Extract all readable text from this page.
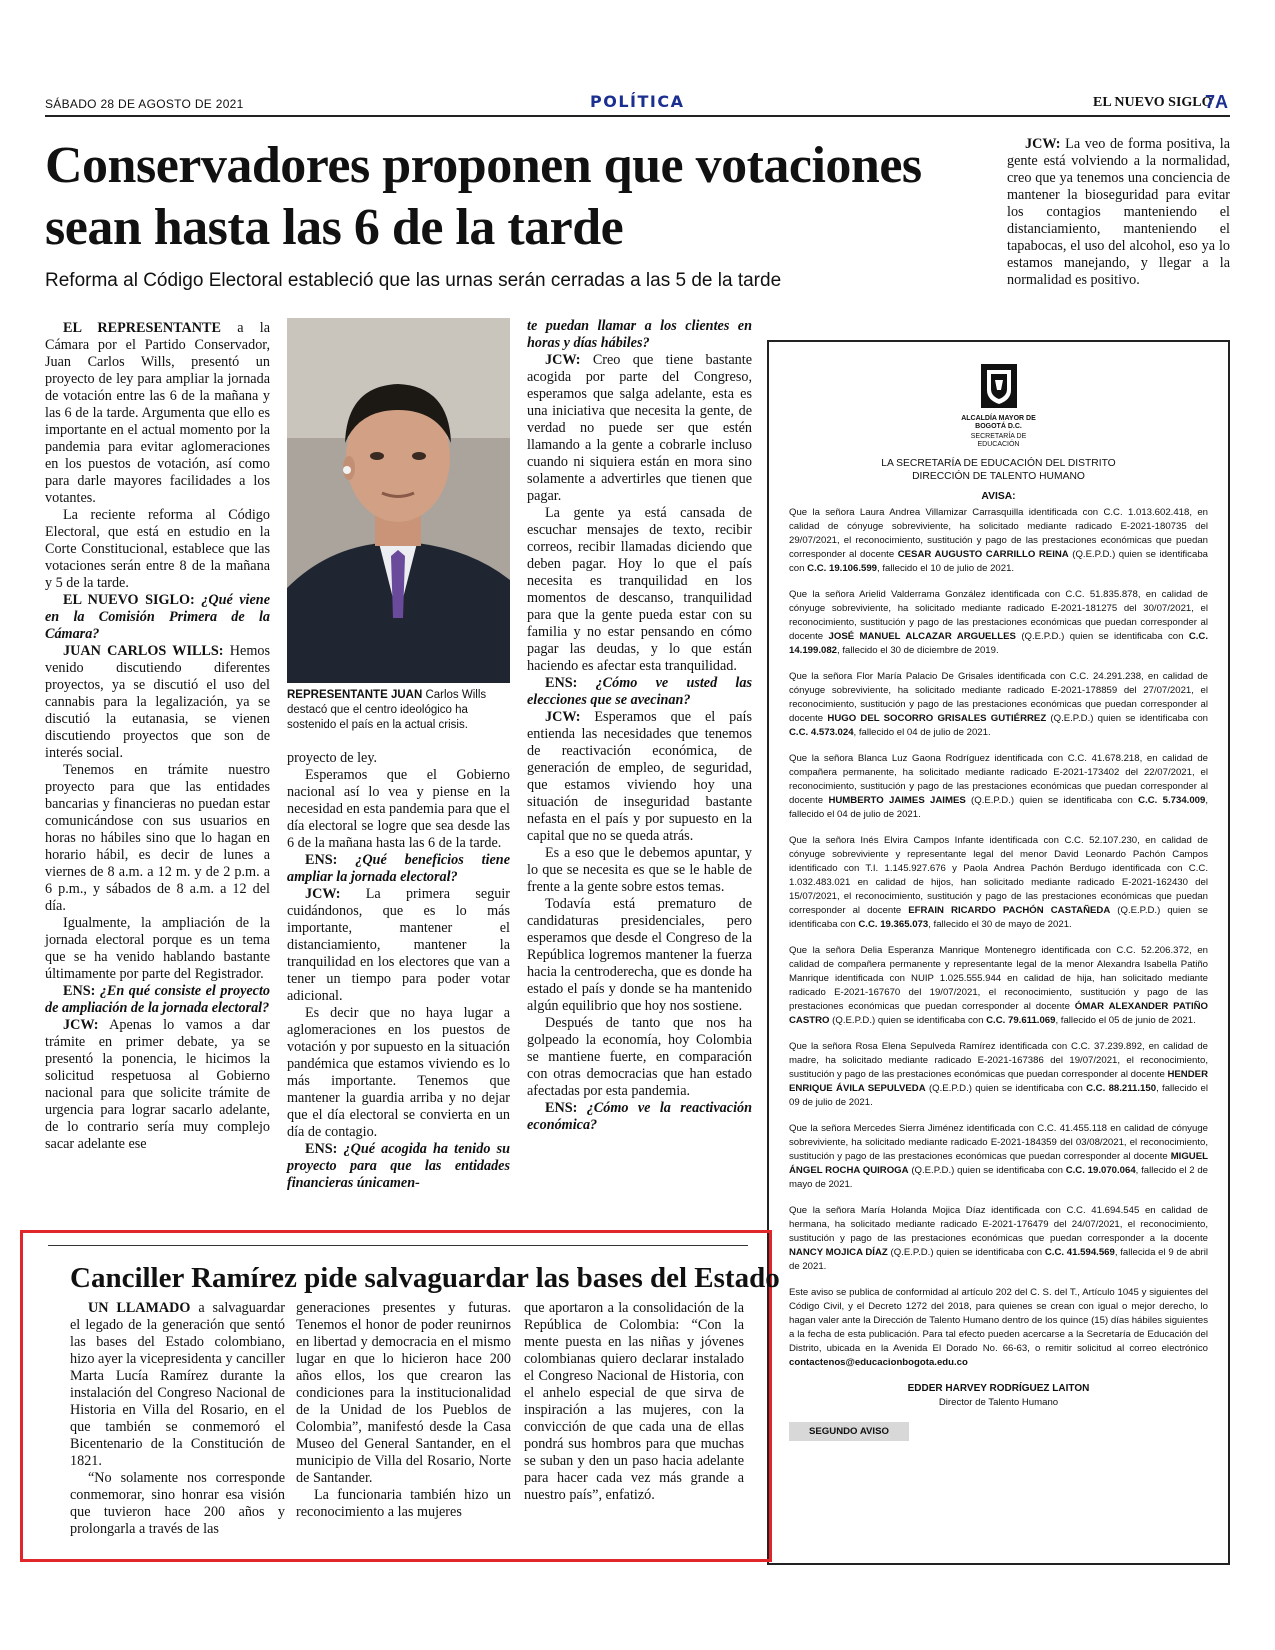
SÁBADO 28 DE AGOSTO DE 2021	POLÍTICA	EL NUEVO SIGLO
7A
Conservadores proponen que votaciones sean hasta las 6 de la tarde
Reforma al Código Electoral estableció que las urnas serán cerradas a las 5 de la tarde

EL REPRESENTANTE a la Cámara por el Partido Conservador, Juan Carlos Wills, presentó un proyecto de ley para ampliar la jornada de votación entre las 6 de la mañana y las 6 de la tarde. Argumenta que ello es importante en el actual momento por la pandemia para evitar aglomeraciones en los puestos de votación, así como para darle mayores facilidades a los votantes.

La reciente reforma al Código Electoral, que está en estudio en la Corte Constitucional, establece que las votaciones serán entre 8 de la mañana y 5 de la tarde.

EL NUEVO SIGLO: ¿Qué viene en la Comisión Primera de la Cámara?

JUAN CARLOS WILLS: Hemos venido discutiendo diferentes proyectos, ya se discutió el uso del cannabis para la legalización, ya se discutió la eutanasia, se vienen discutiendo proyectos que son de interés social.

Tenemos en trámite nuestro proyecto para que las entidades bancarias y financieras no puedan estar comunicándose con sus usuarios en horas no hábiles sino que lo hagan en horario hábil, es decir de lunes a viernes de 8 a.m. a 12 m. y de 2 p.m. a 6 p.m., y sábados de 8 a.m. a 12 del día.

Igualmente, la ampliación de la jornada electoral porque es un tema que se ha venido hablando bastante últimamente por parte del Registrador.

ENS: ¿En qué consiste el proyecto de ampliación de la jornada electoral?

JCW: Apenas lo vamos a dar trámite en primer debate, ya se presentó la ponencia, le hicimos la solicitud respetuosa al Gobierno nacional para que solicite trámite de urgencia para lograr sacarlo adelante, de lo contrario sería muy complejo sacar adelante ese

REPRESENTANTE JUAN Carlos Wills destacó que el centro ideológico ha sostenido el país en la actual crisis.

proyecto de ley.

Esperamos que el Gobierno nacional así lo vea y piense en la necesidad en esta pandemia para que el día electoral se logre que sea desde las 6 de la mañana hasta las 6 de la tarde.

ENS: ¿Qué beneficios tiene ampliar la jornada electoral?

JCW: La primera seguir cuidándonos, que es lo más importante, mantener el distanciamiento, mantener la tranquilidad en los electores que van a tener un tiempo para poder votar adicional.

Es decir que no haya lugar a aglomeraciones en los puestos de votación y por supuesto en la situación pandémica que estamos viviendo es lo más importante. Tenemos que mantener la guardia arriba y no dejar que el día electoral se convierta en un día de contagio.

ENS: ¿Qué acogida ha tenido su proyecto para que las entidades financieras únicamen-

te puedan llamar a los clientes en horas y días hábiles?

JCW: Creo que tiene bastante acogida por parte del Congreso, esperamos que salga adelante, esta es una iniciativa que necesita la gente, de verdad no puede ser que estén llamando a la gente a cobrarle incluso cuando ni siquiera están en mora sino solamente a advertirles que tienen que pagar.

La gente ya está cansada de escuchar mensajes de texto, recibir correos, recibir llamadas diciendo que deben pagar. Hoy lo que el país necesita es tranquilidad en los momentos de descanso, tranquilidad para que la gente pueda estar con su familia y no estar pensando en cómo pagar las deudas, y lo que están haciendo es afectar esta tranquilidad.

ENS: ¿Cómo ve usted las elecciones que se avecinan?

JCW: Esperamos que el país entienda las necesidades que tenemos de reactivación económica, de generación de empleo, de seguridad, que estamos viviendo hoy una situación de inseguridad bastante nefasta en el país y por supuesto en la capital que no se queda atrás.

Es a eso que le debemos apuntar, y lo que se necesita es que se le hable de frente a la gente sobre estos temas.

Todavía está prematuro de candidaturas presidenciales, pero esperamos que desde el Congreso de la República logremos mantener la fuerza hacia la centroderecha, que es donde ha estado el país y donde se ha mantenido algún equilibrio que hoy nos sostiene.

Después de tanto que nos ha golpeado la economía, hoy Colombia se mantiene fuerte, en comparación con otras democracias que han estado afectadas por esta pandemia.

ENS: ¿Cómo ve la reactivación económica?

JCW: La veo de forma positiva, la gente está volviendo a la normalidad, creo que ya tenemos una conciencia de mantener la bioseguridad para evitar los contagios manteniendo el distanciamiento, manteniendo el tapabocas, el uso del alcohol, eso ya lo estamos manejando, y llegar a la normalidad es positivo.

ALCALDÍA MAYOR DE BOGOTÁ D.C.
SECRETARÍA DE EDUCACIÓN
LA SECRETARÍA DE EDUCACIÓN DEL DISTRITO
DIRECCIÓN DE TALENTO HUMANO
AVISA:

Que la señora Laura Andrea Villamizar Carrasquilla identificada con C.C. 1.013.602.418, en calidad de cónyuge sobreviviente, ha solicitado mediante radicado E-2021-180735 del 29/07/2021, el reconocimiento, sustitución y pago de las prestaciones económicas que puedan corresponder al docente CESAR AUGUSTO CARRILLO REINA (Q.E.P.D.) quien se identificaba con C.C. 19.106.599, fallecido el 10 de julio de 2021.

Que la señora Arielid Valderrama González identificada con C.C. 51.835.878, en calidad de cónyuge sobreviviente, ha solicitado mediante radicado E-2021-181275 del 30/07/2021, el reconocimiento, sustitución y pago de las prestaciones económicas que puedan corresponder al docente JOSÉ MANUEL ALCAZAR ARGUELLES (Q.E.P.D.) quien se identificaba con C.C. 14.199.082, fallecido el 30 de diciembre de 2019.

Que la señora Flor María Palacio De Grisales identificada con C.C. 24.291.238, en calidad de cónyuge sobreviviente, ha solicitado mediante radicado E-2021-178859 del 27/07/2021, el reconocimiento, sustitución y pago de las prestaciones económicas que puedan corresponder al docente HUGO DEL SOCORRO GRISALES GUTIÉRREZ (Q.E.P.D.) quien se identificaba con C.C. 4.573.024, fallecido el 04 de julio de 2021.

Que la señora Blanca Luz Gaona Rodríguez identificada con C.C. 41.678.218, en calidad de compañera permanente, ha solicitado mediante radicado E-2021-173402 del 22/07/2021, el reconocimiento, sustitución y pago de las prestaciones económicas que puedan corresponder al docente HUMBERTO JAIMES JAIMES (Q.E.P.D.) quien se identificaba con C.C. 5.734.009, fallecido el 04 de julio de 2021.

Que la señora Inés Elvira Campos Infante identificada con C.C. 52.107.230, en calidad de cónyuge sobreviviente y representante legal del menor David Leonardo Pachón Campos identificado con T.I. 1.145.927.676 y Paola Andrea Pachón Berdugo identificada con C.C. 1.032.483.021 en calidad de hijos, han solicitado mediante radicado E-2021-162430 del 15/07/2021, el reconocimiento, sustitución y pago de las prestaciones económicas que puedan corresponder al docente EFRAIN RICARDO PACHÓN CASTAÑEDA (Q.E.P.D.) quien se identificaba con C.C. 19.365.073, fallecido el 30 de mayo de 2021.

Que la señora Delia Esperanza Manrique Montenegro identificada con C.C. 52.206.372, en calidad de compañera permanente y representante legal de la menor Alexandra Isabella Patiño Manrique identificada con NUIP 1.025.555.944 en calidad de hija, han solicitado mediante radicado E-2021-167670 del 19/07/2021, el reconocimiento, sustitución y pago de las prestaciones económicas que puedan corresponder al docente ÓMAR ALEXANDER PATIÑO CASTRO (Q.E.P.D.) quien se identificaba con C.C. 79.611.069, fallecido el 05 de junio de 2021.

Que la señora Rosa Elena Sepulveda Ramírez identificada con C.C. 37.239.892, en calidad de madre, ha solicitado mediante radicado E-2021-167386 del 19/07/2021, el reconocimiento, sustitución y pago de las prestaciones económicas que puedan corresponder al docente HENDER ENRIQUE ÁVILA SEPULVEDA (Q.E.P.D.) quien se identificaba con C.C. 88.211.150, fallecido el 09 de julio de 2021.

Que la señora Mercedes Sierra Jiménez identificada con C.C. 41.455.118 en calidad de cónyuge sobreviviente, ha solicitado mediante radicado E-2021-184359 del 03/08/2021, el reconocimiento, sustitución y pago de las prestaciones económicas que puedan corresponder al docente MIGUEL ÁNGEL ROCHA QUIROGA (Q.E.P.D.) quien se identificaba con C.C. 19.070.064, fallecido el 2 de mayo de 2021.

Que la señora María Holanda Mojica Díaz identificada con C.C. 41.694.545 en calidad de hermana, ha solicitado mediante radicado E-2021-176479 del 24/07/2021, el reconocimiento, sustitución y pago de las prestaciones económicas que puedan corresponder a la docente NANCY MOJICA DÍAZ (Q.E.P.D.) quien se identificaba con C.C. 41.594.569, fallecida el 9 de abril de 2021.

Este aviso se publica de conformidad al artículo 202 del C. S. del T., Artículo 1045 y siguientes del Código Civil, y el Decreto 1272 del 2018, para quienes se crean con igual o mejor derecho, lo hagan valer ante la Dirección de Talento Humano dentro de los quince (15) días hábiles siguientes a la fecha de esta publicación. Para tal efecto pueden acercarse a la Secretaría de Educación del Distrito, ubicada en la Avenida El Dorado No. 66-63, o remitir solicitud al correo electrónico contactenos@educacionbogota.edu.co

EDDER HARVEY RODRÍGUEZ LAITON
Director de Talento Humano
SEGUNDO AVISO
Canciller Ramírez pide salvaguardar las bases del Estado

UN LLAMADO a salvaguardar el legado de la generación que sentó las bases del Estado colombiano, hizo ayer la vicepresidenta y canciller Marta Lucía Ramírez durante la instalación del Congreso Nacional de Historia en Villa del Rosario, en el que también se conmemoró el Bicentenario de la Constitución de 1821.

“No solamente nos corresponde conmemorar, sino honrar esa visión que tuvieron hace 200 años y prolongarla a través de las

generaciones presentes y futuras. Tenemos el honor de poder reunirnos en libertad y democracia en el mismo lugar en que lo hicieron hace 200 años ellos, los que crearon las condiciones para la institucionalidad de la Unidad de los Pueblos de Colombia”, manifestó desde la Casa Museo del General Santander, en el municipio de Villa del Rosario, Norte de Santander.

La funcionaria también hizo un reconocimiento a las mujeres

que aportaron a la consolidación de la República de Colombia: “Con la mente puesta en las niñas y jóvenes colombianas quiero declarar instalado el Congreso Nacional de Historia, con el anhelo especial de que sirva de inspiración a las mujeres, con la convicción de que cada una de ellas pondrá sus hombros para que muchas se suban y den un paso hacia adelante para hacer cada vez más grande a nuestro país”, enfatizó.
